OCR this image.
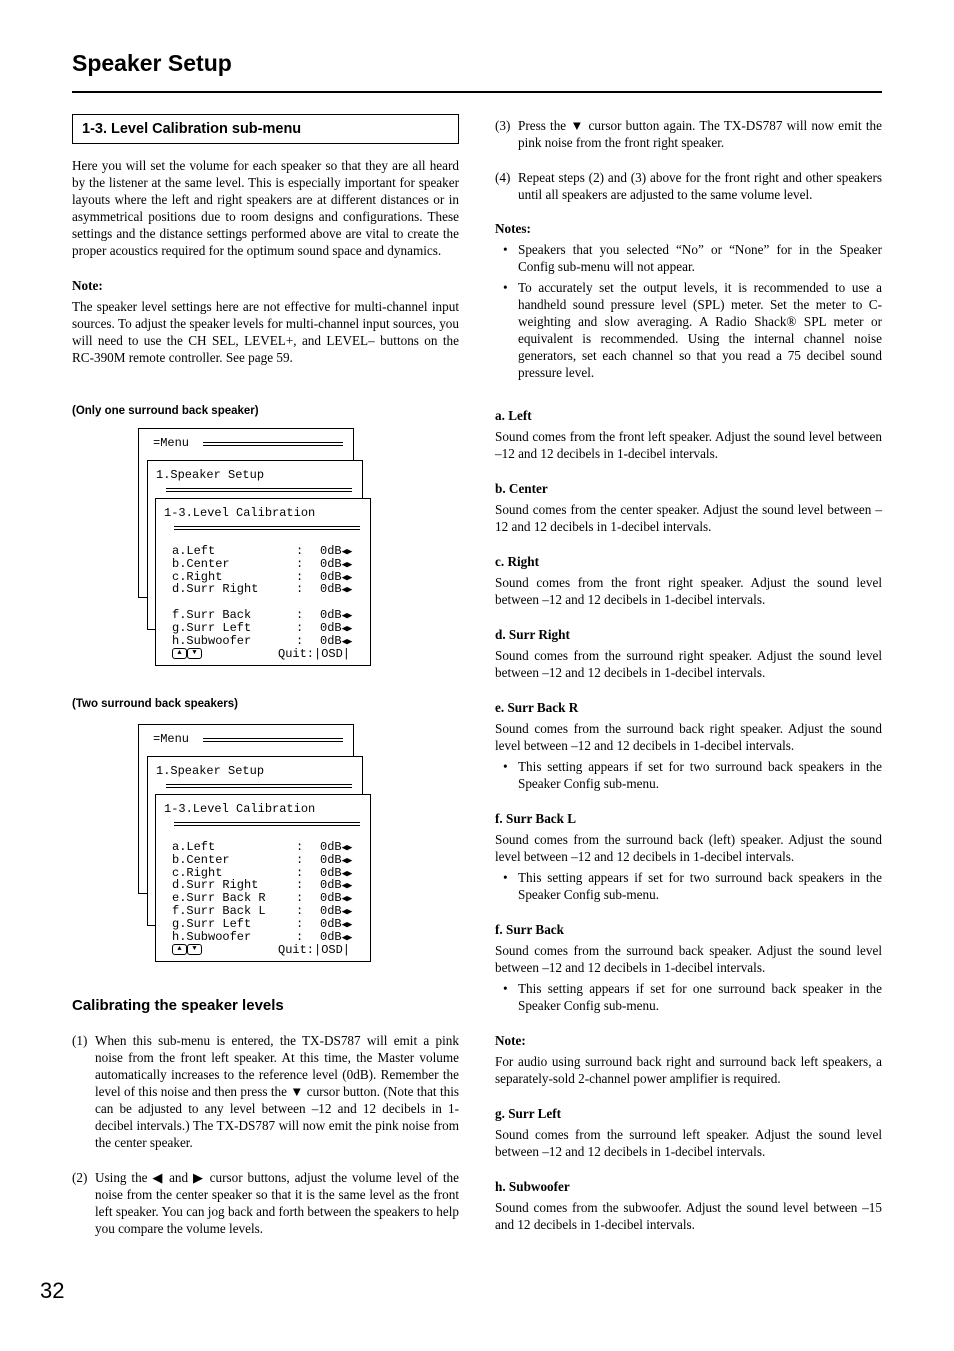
Speaker Setup
1-3. Level Calibration sub-menu

Here you will set the volume for each speaker so that they are all heard by the listener at the same level. This is especially important for speaker layouts where the left and right speakers are at different distances or in asymmetrical positions due to room designs and configurations. These settings and the distance settings performed above are vital to create the proper acoustics required for the optimum sound space and dynamics.

Note:

The speaker level settings here are not effective for multi-channel input sources. To adjust the speaker levels for multi-channel input sources, you will need to use the CH SEL, LEVEL+, and LEVEL– buttons on the RC-390M remote controller. See page 59.

(Only one surround back speaker)
(Two surround back speakers)
=Menu
1.Speaker Setup
1-3.Level Calibration
a.Left	: 0dB◀▶
b.Center	: 0dB◀▶
c.Right	: 0dB◀▶
d.Surr Right	: 0dB◀▶
f.Surr Back	: 0dB◀▶
g.Surr Left	: 0dB◀▶
h.Subwoofer	: 0dB◀▶
▲ ▼	Quit:|OSD|
=Menu
1.Speaker Setup
1-3.Level Calibration
a.Left	: 0dB◀▶
b.Center	: 0dB◀▶
c.Right	: 0dB◀▶
d.Surr Right	: 0dB◀▶
e.Surr Back R	: 0dB◀▶
f.Surr Back L	: 0dB◀▶
g.Surr Left	: 0dB◀▶
h.Subwoofer	: 0dB◀▶
▲ ▼	Quit:|OSD|
Calibrating the speaker levels
(1) When this sub-menu is entered, the TX-DS787 will emit a pink noise from the front left speaker. At this time, the Master volume automatically increases to the reference level (0dB). Remember the level of this noise and then press the ▼ cursor button. (Note that this can be adjusted to any level between –12 and 12 decibels in 1-decibel intervals.) The TX-DS787 will now emit the pink noise from the center speaker.

(2) Using the ◀ and ▶ cursor buttons, adjust the volume level of the noise from the center speaker so that it is the same level as the front left speaker. You can jog back and forth between the speakers to help you compare the volume levels.

(3) Press the ▼ cursor button again. The TX-DS787 will now emit the pink noise from the front right speaker.

(4) Repeat steps (2) and (3) above for the front right and other speakers until all speakers are adjusted to the same volume level.

Notes:
• Speakers that you selected “No” or “None” for in the Speaker Config sub-menu will not appear.

• To accurately set the output levels, it is recommended to use a handheld sound pressure level (SPL) meter. Set the meter to C-weighting and slow averaging. A Radio Shack® SPL meter or equivalent is recommended. Using the internal channel noise generators, set each channel so that you read a 75 decibel sound pressure level.

a. Left

Sound comes from the front left speaker. Adjust the sound level between –12 and 12 decibels in 1-decibel intervals.

b. Center

Sound comes from the center speaker. Adjust the sound level between –12 and 12 decibels in 1-decibel intervals.

c. Right

Sound comes from the front right speaker. Adjust the sound level between –12 and 12 decibels in 1-decibel intervals.

d. Surr Right

Sound comes from the surround right speaker. Adjust the sound level between –12 and 12 decibels in 1-decibel intervals.

e. Surr Back R

Sound comes from the surround back right speaker. Adjust the sound level between –12 and 12 decibels in 1-decibel intervals.

• This setting appears if set for two surround back speakers in the Speaker Config sub-menu.

f. Surr Back L

Sound comes from the surround back (left) speaker. Adjust the sound level between –12 and 12 decibels in 1-decibel intervals.

• This setting appears if set for two surround back speakers in the Speaker Config sub-menu.

f. Surr Back

Sound comes from the surround back speaker. Adjust the sound level between –12 and 12 decibels in 1-decibel intervals.

• This setting appears if set for one surround back speaker in the Speaker Config sub-menu.

Note:

For audio using surround back right and surround back left speakers, a separately-sold 2-channel power amplifier is required.

g. Surr Left

Sound comes from the surround left speaker. Adjust the sound level between –12 and 12 decibels in 1-decibel intervals.

h. Subwoofer

Sound comes from the subwoofer. Adjust the sound level between –15 and 12 decibels in 1-decibel intervals.

32
